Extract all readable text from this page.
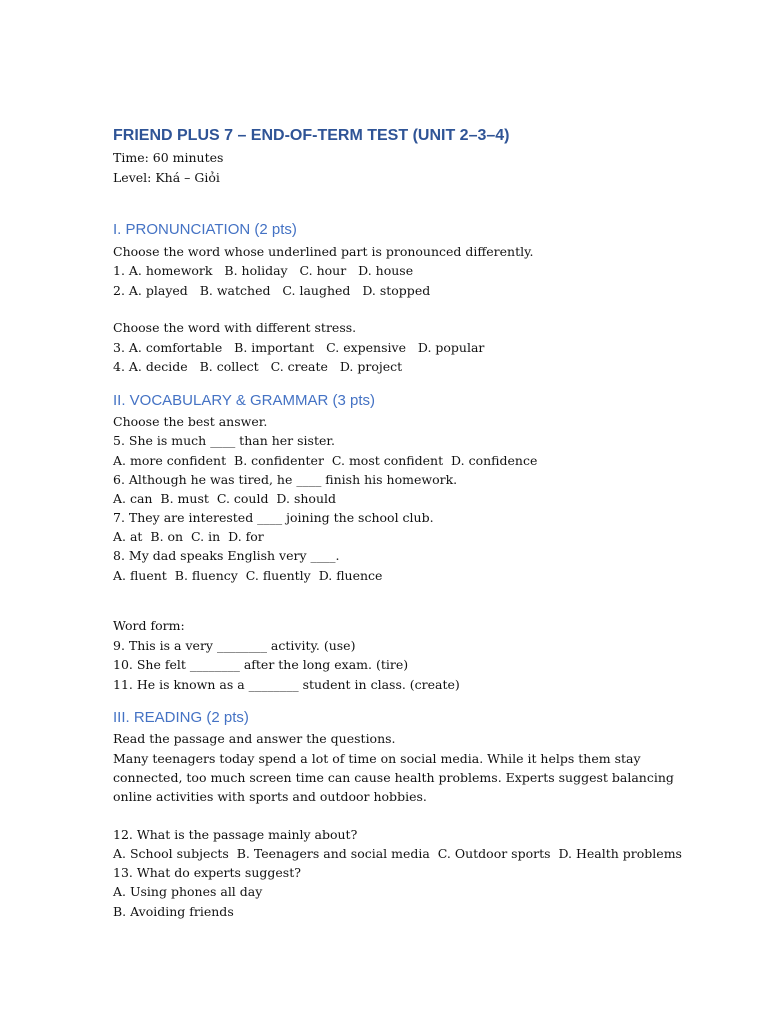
FRIEND PLUS 7 – END-OF-TERM TEST (UNIT 2–3–4)
Time: 60 minutes
Level: Khá – Giỏi
I. PRONUNCIATION (2 pts)
Choose the word whose underlined part is pronounced differently.
1. A. homework   B. holiday   C. hour   D. house
2. A. played   B. watched   C. laughed   D. stopped
Choose the word with different stress.
3. A. comfortable   B. important   C. expensive   D. popular
4. A. decide   B. collect   C. create   D. project
II. VOCABULARY & GRAMMAR (3 pts)
Choose the best answer.
5. She is much ____ than her sister.
A. more confident  B. confidenter  C. most confident  D. confidence
6. Although he was tired, he ____ finish his homework.
A. can  B. must  C. could  D. should
7. They are interested ____ joining the school club.
A. at  B. on  C. in  D. for
8. My dad speaks English very ____.
A. fluent  B. fluency  C. fluently  D. fluence
Word form:
9. This is a very ________ activity. (use)
10. She felt ________ after the long exam. (tire)
11. He is known as a ________ student in class. (create)
III. READING (2 pts)
Read the passage and answer the questions.
Many teenagers today spend a lot of time on social media. While it helps them stay
connected, too much screen time can cause health problems. Experts suggest balancing
online activities with sports and outdoor hobbies.
12. What is the passage mainly about?
A. School subjects  B. Teenagers and social media  C. Outdoor sports  D. Health problems
13. What do experts suggest?
A. Using phones all day
B. Avoiding friends
